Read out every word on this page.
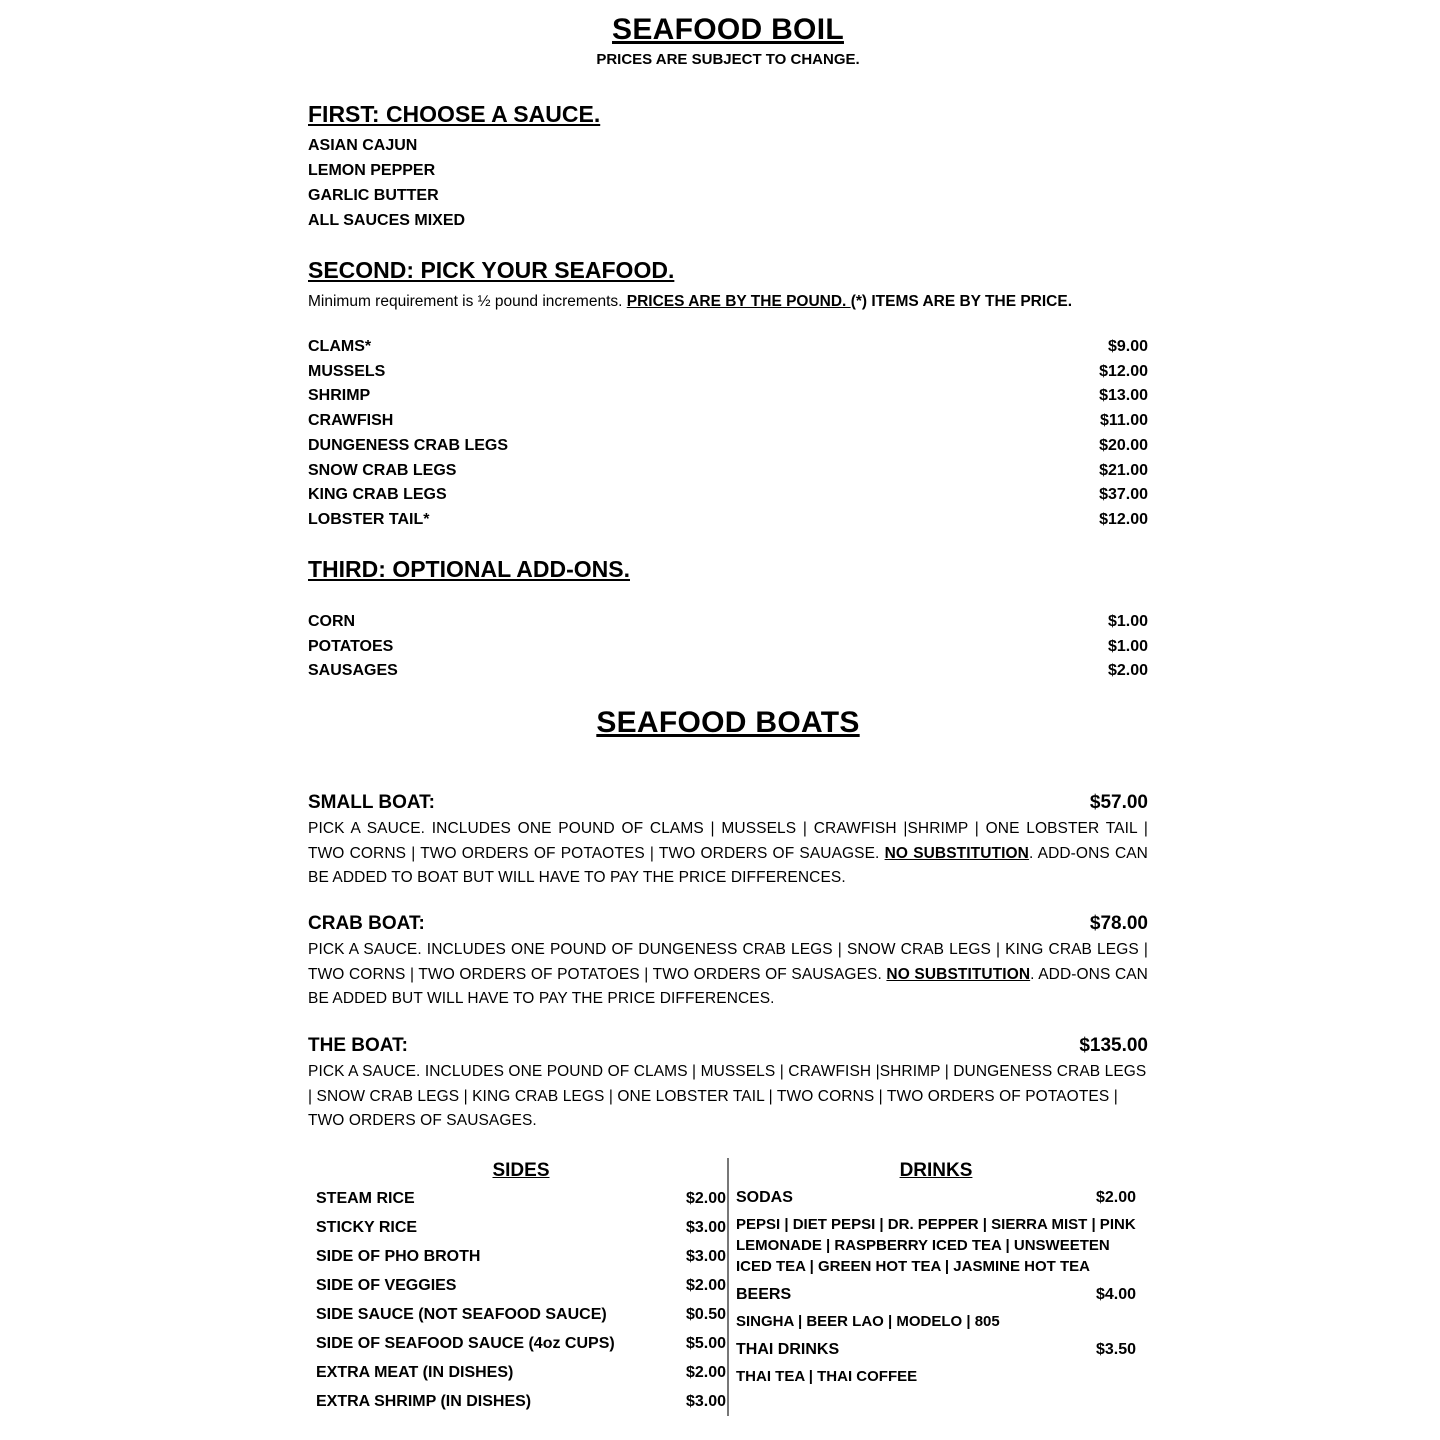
SEAFOOD BOIL
PRICES ARE SUBJECT TO CHANGE.
FIRST: CHOOSE A SAUCE.
ASIAN CAJUN
LEMON PEPPER
GARLIC BUTTER
ALL SAUCES MIXED
SECOND: PICK YOUR SEAFOOD.
Minimum requirement is ½ pound increments. PRICES ARE BY THE POUND. (*) ITEMS ARE BY THE PRICE.
CLAMS*	$9.00
MUSSELS	$12.00
SHRIMP	$13.00
CRAWFISH	$11.00
DUNGENESS CRAB LEGS	$20.00
SNOW CRAB LEGS	$21.00
KING CRAB LEGS	$37.00
LOBSTER TAIL*	$12.00
THIRD: OPTIONAL ADD-ONS.
CORN	$1.00
POTATOES	$1.00
SAUSAGES	$2.00
SEAFOOD BOATS
SMALL BOAT:	$57.00
PICK A SAUCE. INCLUDES ONE POUND OF CLAMS | MUSSELS | CRAWFISH |SHRIMP | ONE LOBSTER TAIL | TWO CORNS | TWO ORDERS OF POTAOTES | TWO ORDERS OF SAUAGSE. NO SUBSTITUTION. ADD-ONS CAN BE ADDED TO BOAT BUT WILL HAVE TO PAY THE PRICE DIFFERENCES.
CRAB BOAT:	$78.00
PICK A SAUCE. INCLUDES ONE POUND OF DUNGENESS CRAB LEGS | SNOW CRAB LEGS | KING CRAB LEGS | TWO CORNS | TWO ORDERS OF POTATOES | TWO ORDERS OF SAUSAGES. NO SUBSTITUTION. ADD-ONS CAN BE ADDED BUT WILL HAVE TO PAY THE PRICE DIFFERENCES.
THE BOAT:	$135.00
PICK A SAUCE. INCLUDES ONE POUND OF CLAMS | MUSSELS | CRAWFISH |SHRIMP | DUNGENESS CRAB LEGS | SNOW CRAB LEGS | KING CRAB LEGS | ONE LOBSTER TAIL | TWO CORNS | TWO ORDERS OF POTAOTES | TWO ORDERS OF SAUSAGES.
SIDES
STEAM RICE	$2.00
STICKY RICE	$3.00
SIDE OF PHO BROTH	$3.00
SIDE OF VEGGIES	$2.00
SIDE SAUCE (NOT SEAFOOD SAUCE)	$0.50
SIDE OF SEAFOOD SAUCE (4oz CUPS)	$5.00
EXTRA MEAT (IN DISHES)	$2.00
EXTRA SHRIMP (IN DISHES)	$3.00
DRINKS
SODAS	$2.00
PEPSI | DIET PEPSI | DR. PEPPER | SIERRA MIST | PINK LEMONADE | RASPBERRY ICED TEA | UNSWEETEN ICED TEA | GREEN HOT TEA | JASMINE HOT TEA
BEERS	$4.00
SINGHA | BEER LAO | MODELO | 805
THAI DRINKS	$3.50
THAI TEA | THAI COFFEE
